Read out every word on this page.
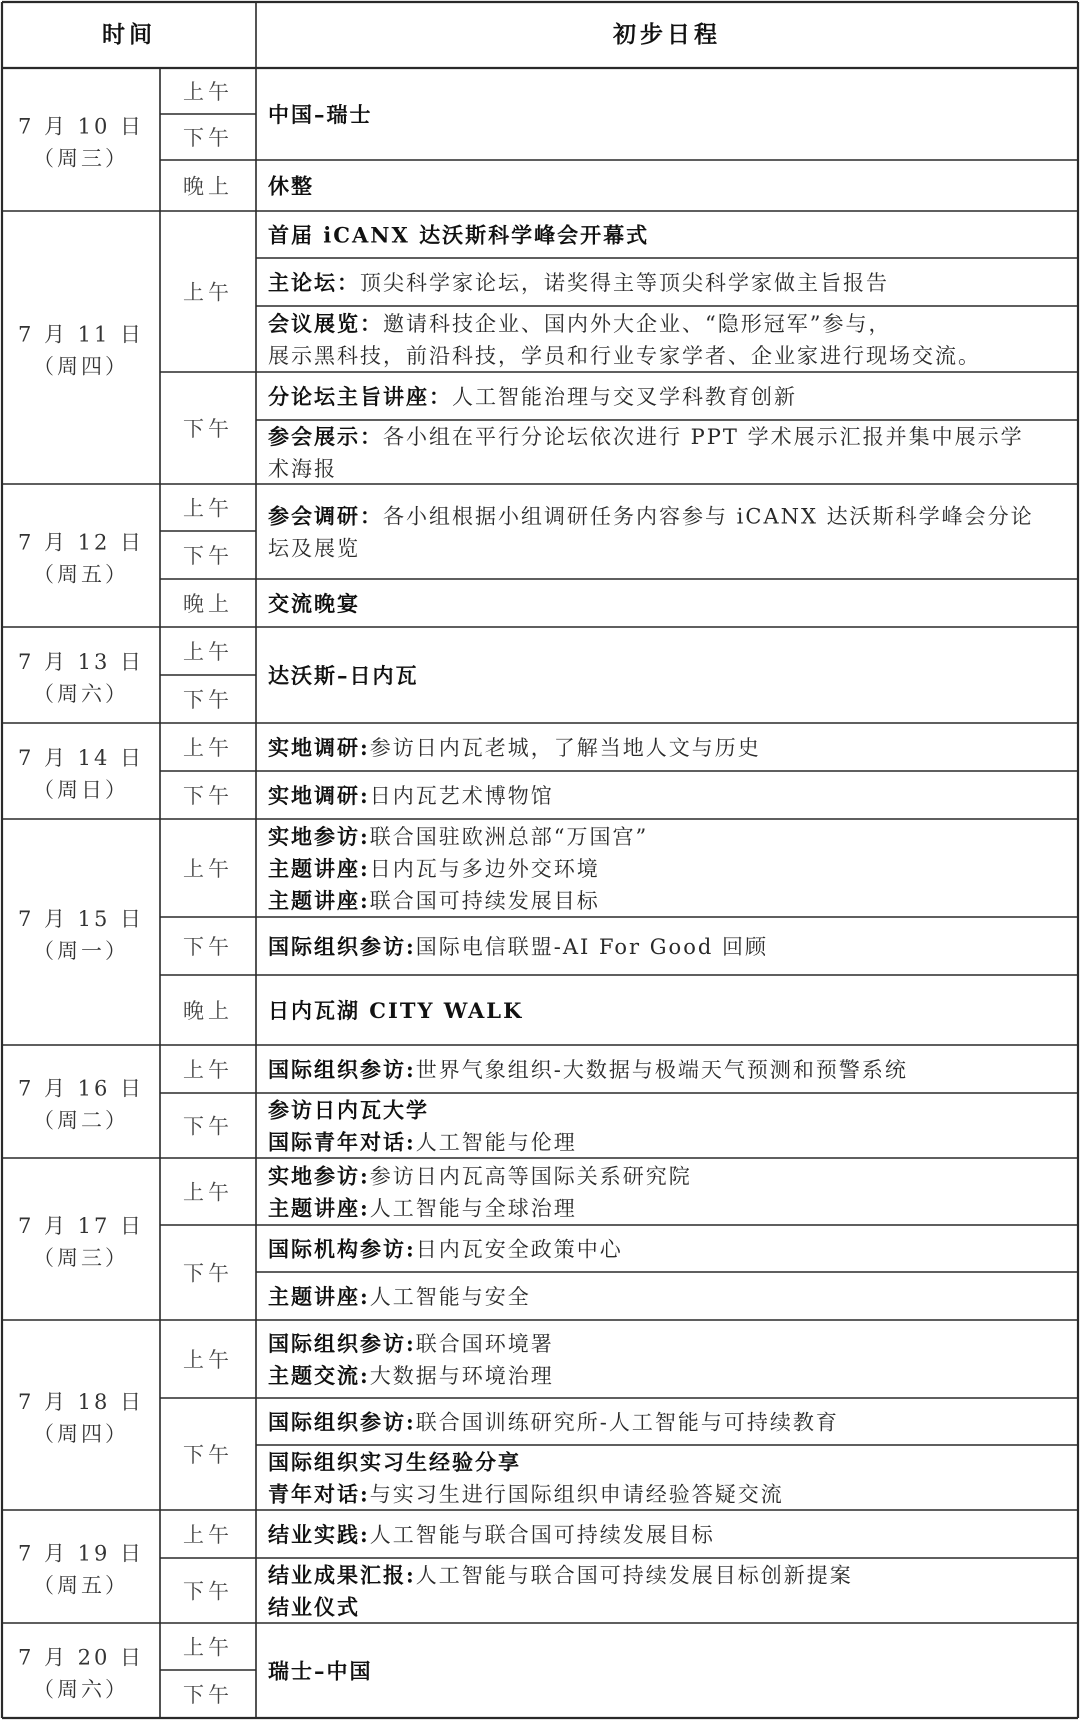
时间	初步日程
7 月 10 日
（周三）
上午
下午
晚上
中国–瑞士
休整
7 月 11 日
（周四）
上午
下午
首届 iCANX 达沃斯科学峰会开幕式
主论坛：顶尖科学家论坛，诺奖得主等顶尖科学家做主旨报告
会议展览：邀请科技企业、国内外大企业、“隐形冠军”参与，
展示黑科技，前沿科技，学员和行业专家学者、企业家进行现场交流。
分论坛主旨讲座：人工智能治理与交叉学科教育创新
参会展示：各小组在平行分论坛依次进行 PPT 学术展示汇报并集中展示学
术海报
7 月 12 日
（周五）
上午
下午
晚上
参会调研：各小组根据小组调研任务内容参与 iCANX 达沃斯科学峰会分论
坛及展览
交流晚宴
7 月 13 日
（周六）
上午
下午
达沃斯–日内瓦
7 月 14 日
（周日）
上午
下午
实地调研:参访日内瓦老城，了解当地人文与历史
实地调研:日内瓦艺术博物馆
7 月 15 日
（周一）
上午
下午
晚上
实地参访:联合国驻欧洲总部“万国宫”
主题讲座:日内瓦与多边外交环境
主题讲座:联合国可持续发展目标
国际组织参访:国际电信联盟-AI For Good 回顾
日内瓦湖 CITY WALK
7 月 16 日
（周二）
上午
下午
国际组织参访:世界气象组织-大数据与极端天气预测和预警系统
参访日内瓦大学
国际青年对话:人工智能与伦理
7 月 17 日
（周三）
上午
下午
实地参访:参访日内瓦高等国际关系研究院
主题讲座:人工智能与全球治理
国际机构参访:日内瓦安全政策中心
主题讲座:人工智能与安全
7 月 18 日
（周四）
上午
下午
国际组织参访:联合国环境署
主题交流:大数据与环境治理
国际组织参访:联合国训练研究所-人工智能与可持续教育
国际组织实习生经验分享
青年对话:与实习生进行国际组织申请经验答疑交流
7 月 19 日
（周五）
上午
下午
结业实践:人工智能与联合国可持续发展目标
结业成果汇报:人工智能与联合国可持续发展目标创新提案
结业仪式
7 月 20 日
（周六）
上午
下午
瑞士–中国
